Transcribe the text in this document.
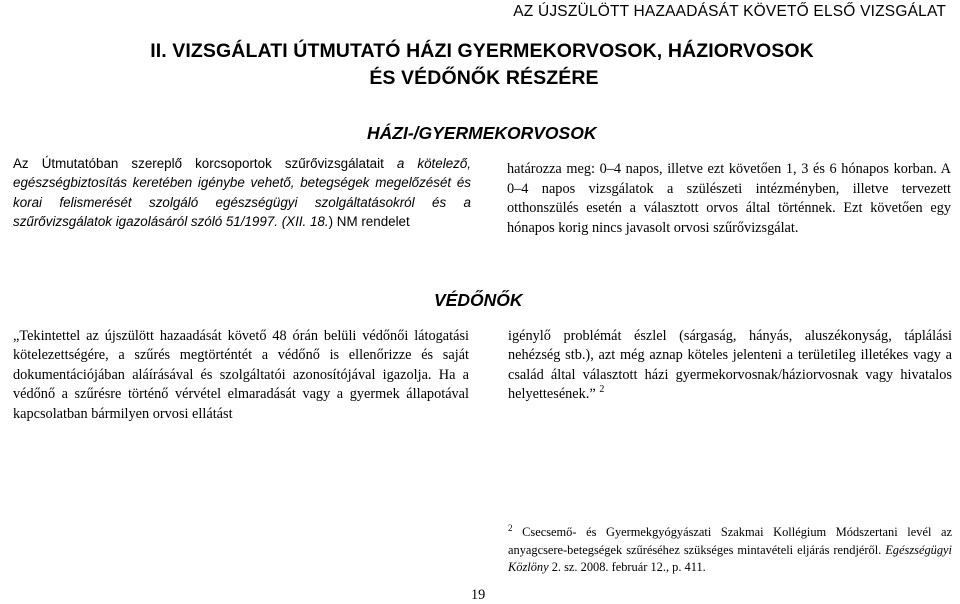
AZ ÚJSZÜLÖTT HAZAADÁSÁT KÖVETŐ ELSŐ VIZSGÁLAT
II. VIZSGÁLATI ÚTMUTATÓ HÁZI GYERMEKORVOSOK, HÁZIORVOSOK
ÉS VÉDŐNŐK RÉSZÉRE
HÁZI-/GYERMEKORVOSOK
Az Útmutatóban szereplő korcsoportok szűrővizsgálatait a kötelező, egészségbiztosítás keretében igénybe vehető, betegségek megelőzését és korai felismerését szolgáló egészségügyi szolgáltatásokról és a szűrővizsgálatok igazolásáról szóló 51/1997. (XII. 18.) NM rendelet
határozza meg: 0–4 napos, illetve ezt követően 1, 3 és 6 hónapos korban. A 0–4 napos vizsgálatok a szülészeti intézményben, illetve tervezett otthonszülés esetén a választott orvos által történnek. Ezt követően egy hónapos korig nincs javasolt orvosi szűrővizsgálat.
VÉDŐNŐK
„Tekintettel az újszülött hazaadását követő 48 órán belüli védőnői látogatási kötelezettségére, a szűrés megtörténtét a védőnő is ellenőrizze és saját dokumentációjában aláírásával és szolgáltatói azonosítójával igazolja. Ha a védőnő a szűrésre történő vérvétel elmaradását vagy a gyermek állapotával kapcsolatban bármilyen orvosi ellátást
igénylő problémát észlel (sárgaság, hányás, aluszékonyság, táplálási nehézség stb.), azt még aznap köteles jelenteni a területileg illetékes vagy a család által választott házi gyermekorvosnak/háziorvosnak vagy hivatalos helyettesének.” $^2$
$^2$ Csecsemő- és Gyermekgyógyászati Szakmai Kollégium Módszertani levél az anyagcsere-betegségek szűréséhez szükséges mintavételi eljárás rendjéről. Egészségügyi Közlöny 2. sz. 2008. február 12., p. 411.
19
